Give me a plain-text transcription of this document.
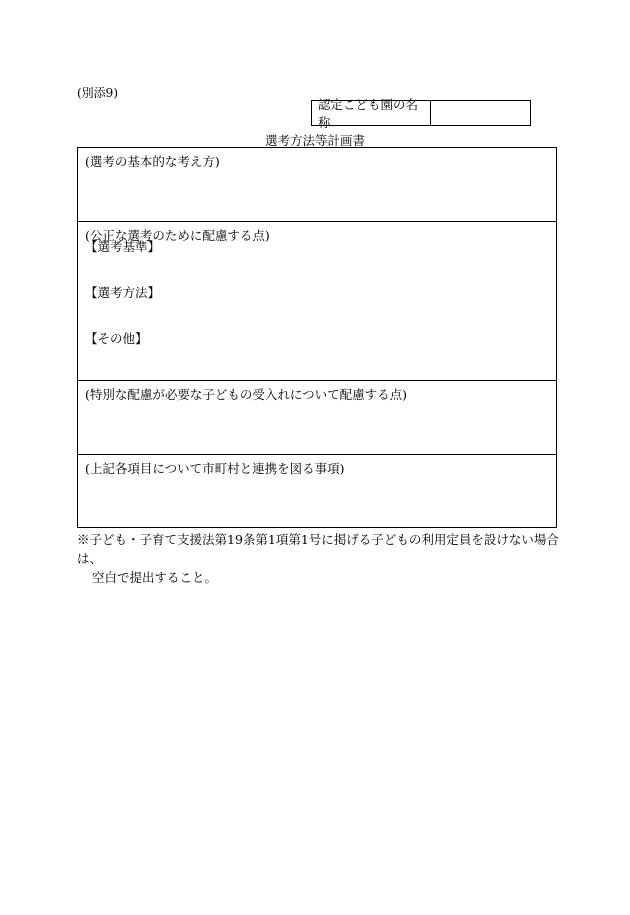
(別添9)
認定こども園の名称
選考方法等計画書
(選考の基本的な考え方)
(公正な選考のために配慮する点)
【選考基準】
【選考方法】
【その他】
(特別な配慮が必要な子どもの受入れについて配慮する点)
(上記各項目について市町村と連携を図る事項)
※子ども・子育て支援法第19条第1項第1号に掲げる子どもの利用定員を設けない場合は、
空白で提出すること。
